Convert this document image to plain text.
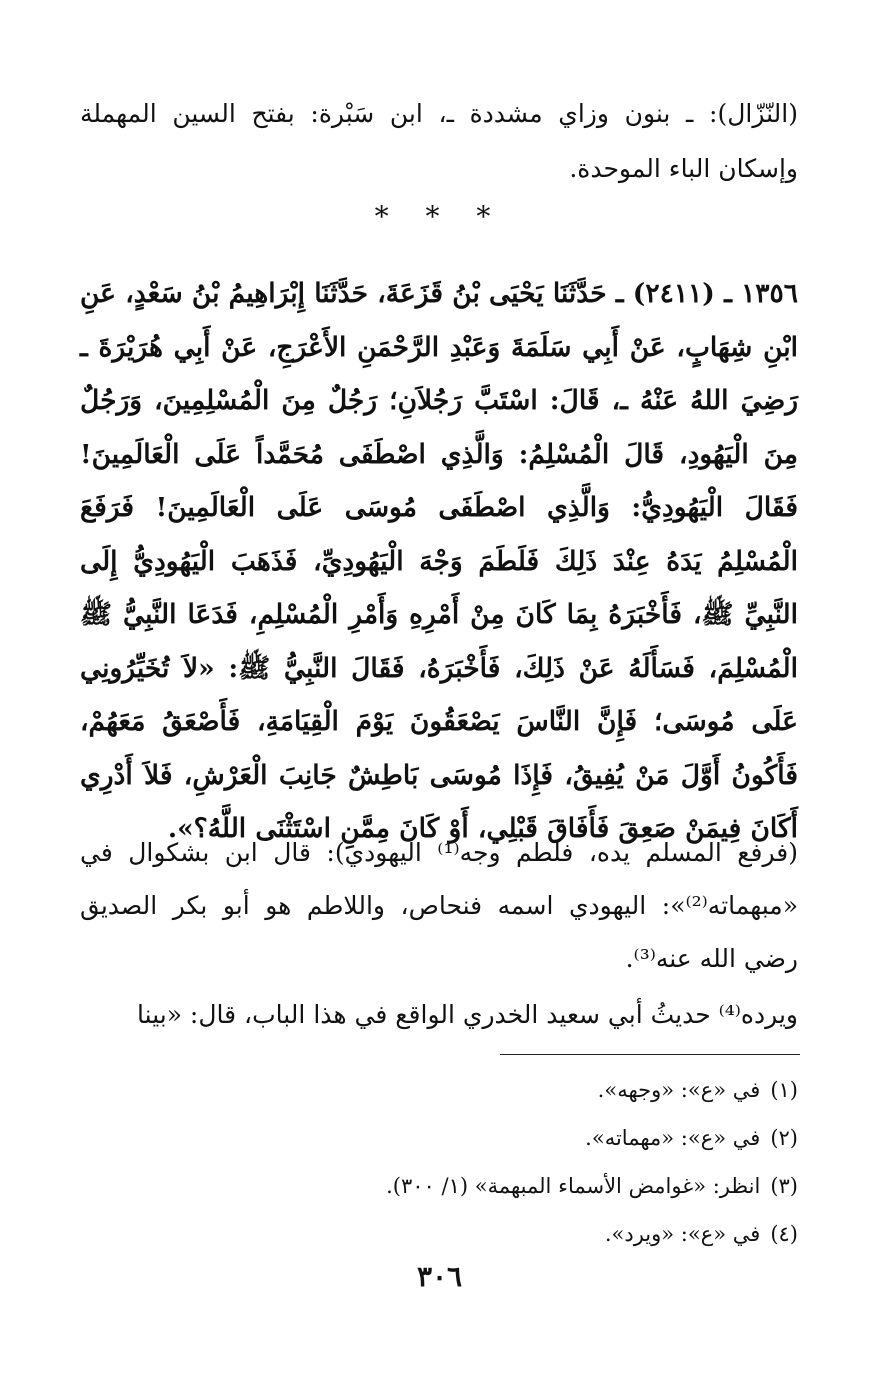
(النّزّال): ـ بنون وزاي مشددة ـ، ابن سَبْرة: بفتح السين المهملة وإسكان الباء الموحدة.

* * *

١٣٥٦ ـ (٢٤١١) ـ حَدَّثَنَا يَحْيَى بْنُ قَزَعَةَ، حَدَّثَنَا إِبْرَاهِيمُ بْنُ سَعْدٍ، عَنِ ابْنِ شِهَابٍ، عَنْ أَبِي سَلَمَةَ وَعَبْدِ الرَّحْمَنِ الأَعْرَجِ، عَنْ أَبِي هُرَيْرَةَ ـ رَضِيَ اللهُ عَنْهُ ـ، قَالَ: اسْتَبَّ رَجُلاَنِ؛ رَجُلٌ مِنَ الْمُسْلِمِينَ، وَرَجُلٌ مِنَ الْيَهُودِ، قَالَ الْمُسْلِمُ: وَالَّذِي اصْطَفَى مُحَمَّداً عَلَى الْعَالَمِينَ! فَقَالَ الْيَهُودِيُّ: وَالَّذِي اصْطَفَى مُوسَى عَلَى الْعَالَمِينَ! فَرَفَعَ الْمُسْلِمُ يَدَهُ عِنْدَ ذَلِكَ فَلَطَمَ وَجْهَ الْيَهُودِيِّ، فَذَهَبَ الْيَهُودِيُّ إِلَى النَّبِيِّ ﷺ، فَأَخْبَرَهُ بِمَا كَانَ مِنْ أَمْرِهِ وَأَمْرِ الْمُسْلِمِ، فَدَعَا النَّبِيُّ ﷺ الْمُسْلِمَ، فَسَأَلَهُ عَنْ ذَلِكَ، فَأَخْبَرَهُ، فَقَالَ النَّبِيُّ ﷺ: «لاَ تُخَيِّرُونِي عَلَى مُوسَى؛ فَإِنَّ النَّاسَ يَصْعَقُونَ يَوْمَ الْقِيَامَةِ، فَأَصْعَقُ مَعَهُمْ، فَأَكُونُ أَوَّلَ مَنْ يُفِيقُ، فَإِذَا مُوسَى بَاطِشٌ جَانِبَ الْعَرْشِ، فَلاَ أَدْرِي أَكَانَ فِيمَنْ صَعِقَ فَأَفَاقَ قَبْلِي، أَوْ كَانَ مِمَّنِ اسْتَثْنَى اللَّهُ؟».

(فرفع المسلم يده، فلطم وجه⁽¹⁾ اليهودي): قال ابن بشكوال في «مبهماته⁽²⁾»: اليهودي اسمه فنحاص، واللاطم هو أبو بكر الصديق رضي الله عنه⁽³⁾.

ويرده⁽⁴⁾ حديثُ أبي سعيد الخدري الواقع في هذا الباب، قال: «بينا

(١)في «ع»: «وجهه».
(٢)في «ع»: «مهماته».
(٣)انظر: «غوامض الأسماء المبهمة» (١/ ٣٠٠).
(٤)في «ع»: «ويرد».

٣٠٦
